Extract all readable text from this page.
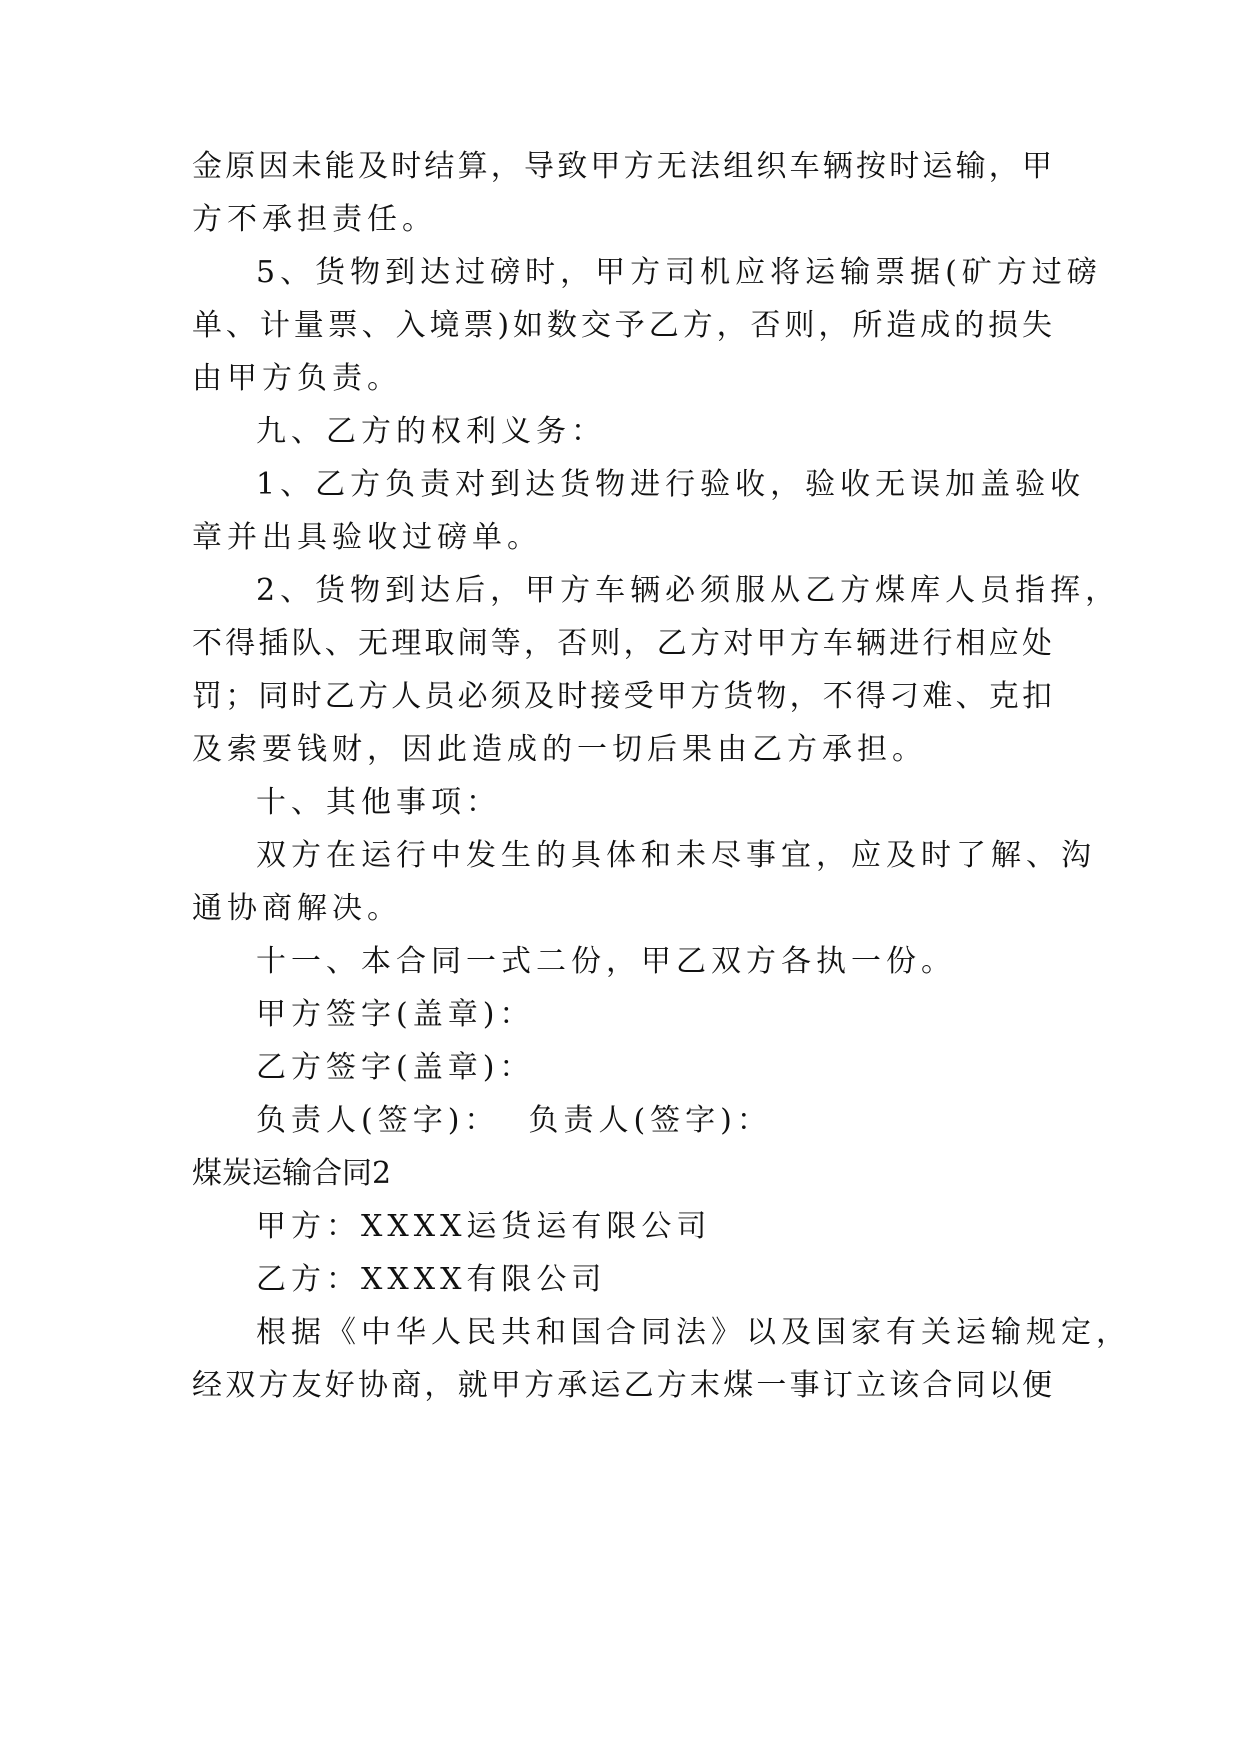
金原因未能及时结算，导致甲方无法组织车辆按时运输，甲
方不承担责任。
5、货物到达过磅时，甲方司机应将运输票据(矿方过磅
单、计量票、入境票)如数交予乙方，否则，所造成的损失
由甲方负责。
九、乙方的权利义务：
1、乙方负责对到达货物进行验收，验收无误加盖验收
章并出具验收过磅单。
2、货物到达后，甲方车辆必须服从乙方煤库人员指挥，
不得插队、无理取闹等，否则，乙方对甲方车辆进行相应处
罚；同时乙方人员必须及时接受甲方货物，不得刁难、克扣
及索要钱财，因此造成的一切后果由乙方承担。
十、其他事项：
双方在运行中发生的具体和未尽事宜，应及时了解、沟
通协商解决。
十一、本合同一式二份，甲乙双方各执一份。
甲方签字(盖章)：
乙方签字(盖章)：
负责人(签字)：  负责人(签字)：
煤炭运输合同2
甲方：XXXX运货运有限公司
乙方：XXXX有限公司
根据《中华人民共和国合同法》以及国家有关运输规定，
经双方友好协商，就甲方承运乙方末煤一事订立该合同以便
